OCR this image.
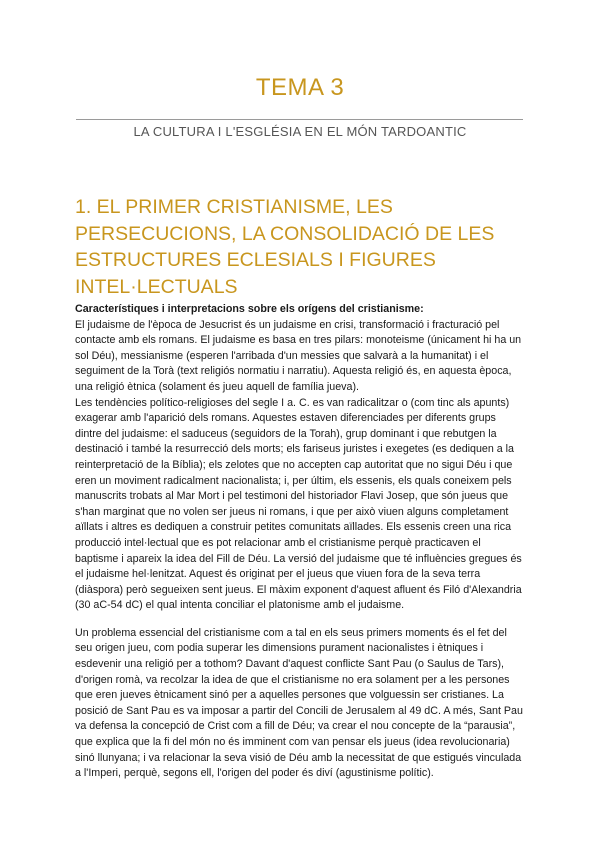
TEMA 3
LA CULTURA I L'ESGLÉSIA EN EL MÓN TARDOANTIC
1. EL PRIMER CRISTIANISME, LES PERSECUCIONS, LA CONSOLIDACIÓ DE LES ESTRUCTURES ECLESIALS I FIGURES INTEL·LECTUALS

Característiques i interpretacions sobre els orígens del cristianisme:

El judaisme de l'època de Jesucrist és un judaisme en crisi, transformació i fracturació pel contacte amb els romans. El judaisme es basa en tres pilars: monoteisme (únicament hi ha un sol Déu), messianisme (esperen l'arribada d'un messies que salvarà a la humanitat) i el seguiment de la Torà (text religiós normatiu i narratiu). Aquesta religió és, en aquesta època, una religió ètnica (solament és jueu aquell de família jueva).

Les tendències político-religioses del segle I a. C. es van radicalitzar o (com tinc als apunts) exagerar amb l'aparició dels romans. Aquestes estaven diferenciades per diferents grups dintre del judaisme: el saduceus (seguidors de la Torah), grup dominant i que rebutgen la destinació i també la resurrecció dels morts; els fariseus juristes i exegetes (es dediquen a la reinterpretació de la Bíblia); els zelotes que no accepten cap autoritat que no sigui Déu i que eren un moviment radicalment nacionalista; i, per últim, els essenis, els quals coneixem pels manuscrits trobats al Mar Mort i pel testimoni del historiador Flavi Josep, que són jueus que s'han marginat que no volen ser jueus ni romans, i que per això viuen alguns completament aïllats i altres es dediquen a construir petites comunitats aïllades. Els essenis creen una rica producció intel·lectual que es pot relacionar amb el cristianisme perquè practicaven el baptisme i apareix la idea del Fill de Déu. La versió del judaisme que té influències gregues és el judaisme hel·lenitzat. Aquest és originat per el jueus que viuen fora de la seva terra (diàspora) però segueixen sent jueus. El màxim exponent d'aquest afluent és Filó d'Alexandria (30 aC-54 dC) el qual intenta conciliar el platonisme amb el judaisme.

Un problema essencial del cristianisme com a tal en els seus primers moments és el fet del seu origen jueu, com podia superar les dimensions purament nacionalistes i ètniques i esdevenir una religió per a tothom? Davant d'aquest conflicte Sant Pau (o Saulus de Tars), d'origen romà, va recolzar la idea de que el cristianisme no era solament per a les persones que eren jueves ètnicament sinó per a aquelles persones que volguessin ser cristianes. La posició de Sant Pau es va imposar a partir del Concili de Jerusalem al 49 dC. A més, Sant Pau va defensa la concepció de Crist com a fill de Déu; va crear el nou concepte de la “parausia”, que explica que la fi del món no és imminent com van pensar els jueus (idea revolucionaria) sinó llunyana; i va relacionar la seva visió de Déu amb la necessitat de que estigués vinculada a l'Imperi, perquè, segons ell, l'origen del poder és diví (agustinisme polític).
